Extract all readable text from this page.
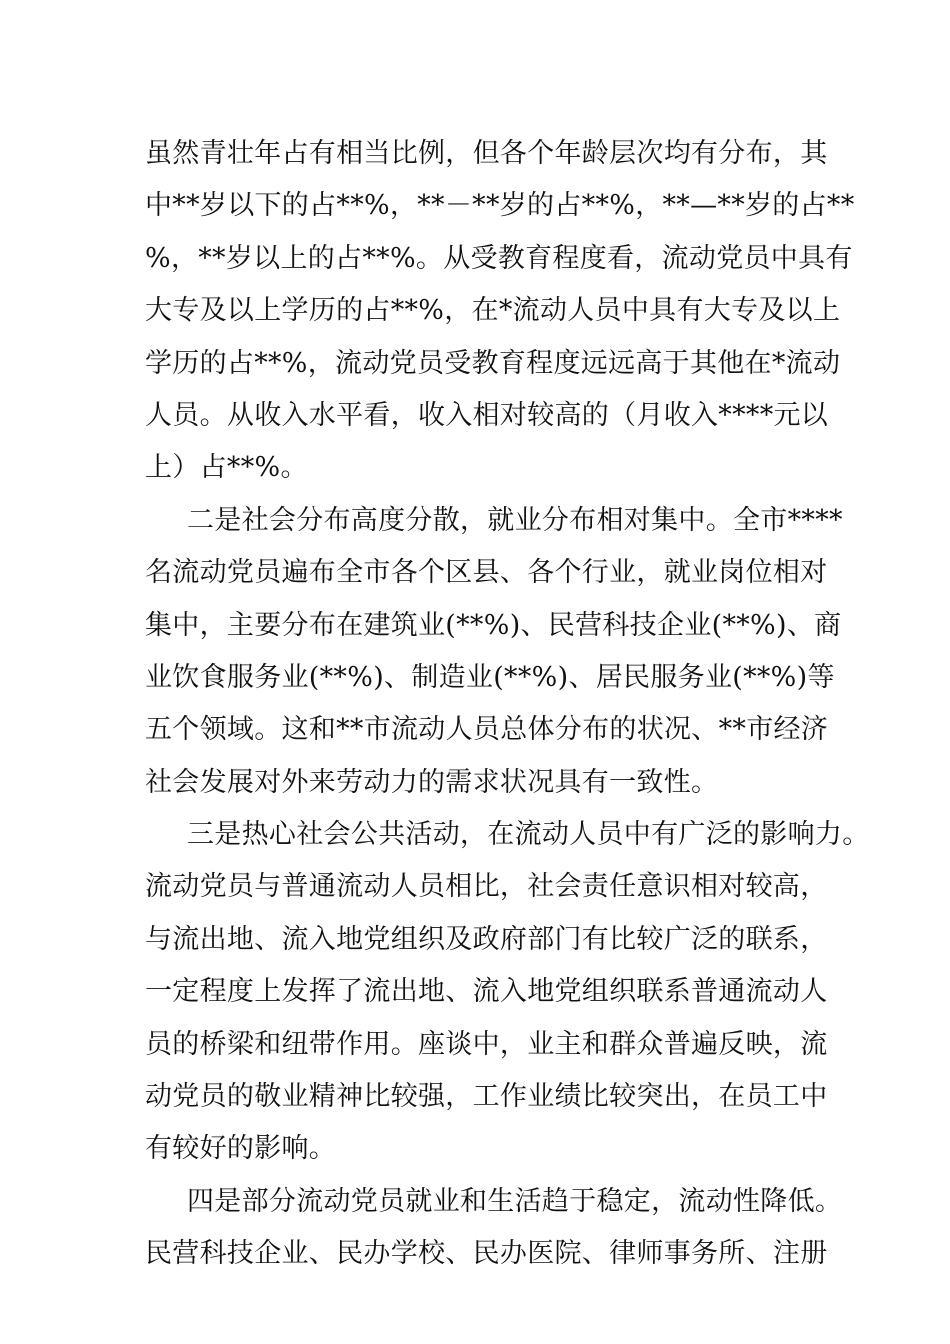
虽然青壮年占有相当比例，但各个年龄层次均有分布，其
中**岁以下的占**%，**－**岁的占**%，**—**岁的占**
%，**岁以上的占**%。从受教育程度看，流动党员中具有
大专及以上学历的占**%，在*流动人员中具有大专及以上
学历的占**%，流动党员受教育程度远远高于其他在*流动
人员。从收入水平看，收入相对较高的（月收入****元以
上）占**%。
二是社会分布高度分散，就业分布相对集中。全市****
名流动党员遍布全市各个区县、各个行业，就业岗位相对
集中，主要分布在建筑业(**%)、民营科技企业(**%)、商
业饮食服务业(**%)、制造业(**%)、居民服务业(**%)等
五个领域。这和**市流动人员总体分布的状况、**市经济
社会发展对外来劳动力的需求状况具有一致性。
三是热心社会公共活动，在流动人员中有广泛的影响力。
流动党员与普通流动人员相比，社会责任意识相对较高，
与流出地、流入地党组织及政府部门有比较广泛的联系，
一定程度上发挥了流出地、流入地党组织联系普通流动人
员的桥梁和纽带作用。座谈中，业主和群众普遍反映，流
动党员的敬业精神比较强，工作业绩比较突出，在员工中
有较好的影响。
四是部分流动党员就业和生活趋于稳定，流动性降低。
民营科技企业、民办学校、民办医院、律师事务所、注册
